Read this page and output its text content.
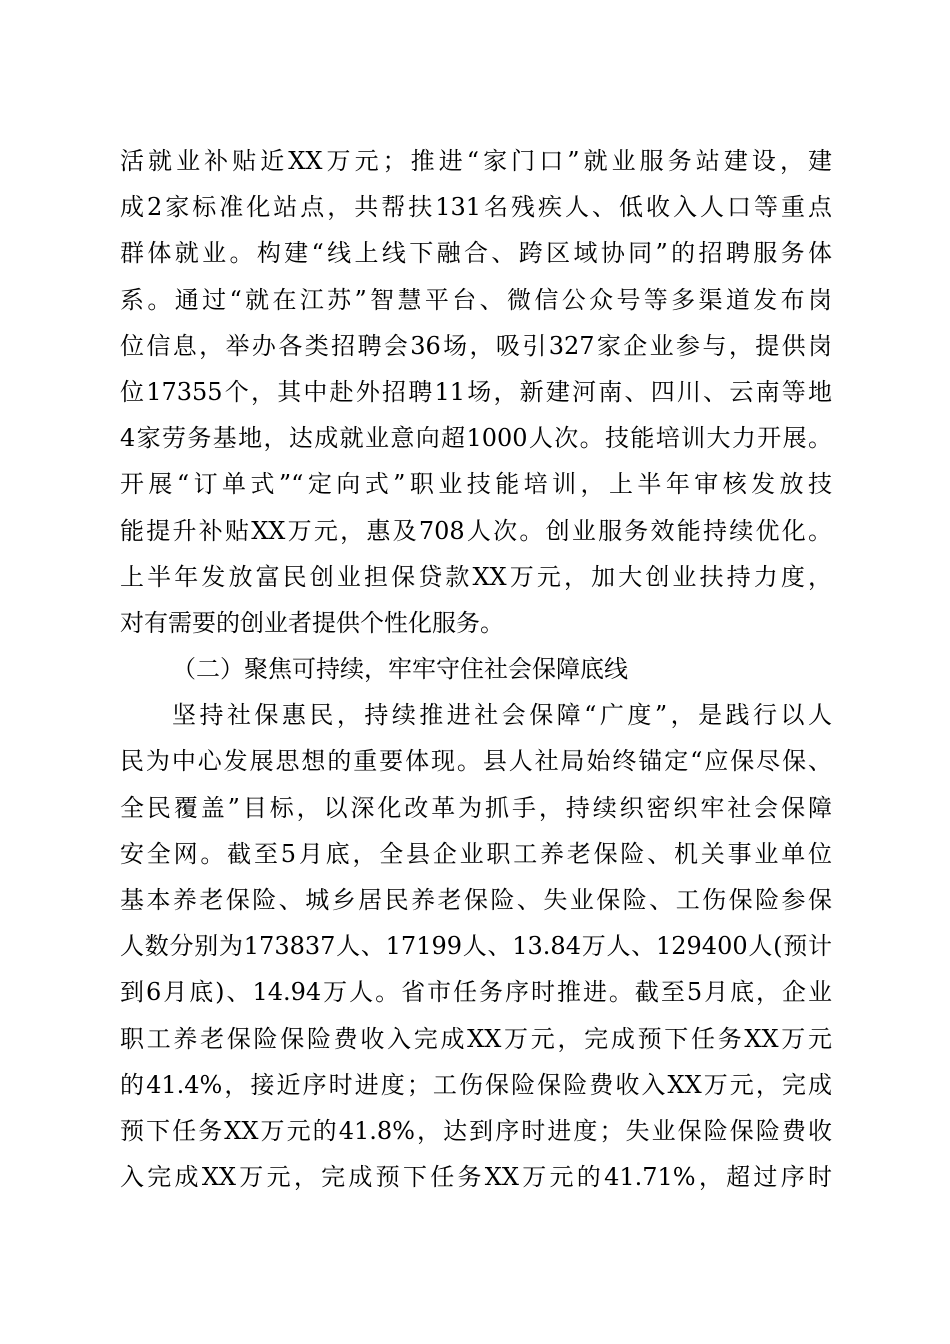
活就业补贴近XX万元；推进“家门口”就业服务站建设，建
成2家标准化站点，共帮扶131名残疾人、低收入人口等重点
群体就业。构建“线上线下融合、跨区域协同”的招聘服务体
系。通过“就在江苏”智慧平台、微信公众号等多渠道发布岗
位信息，举办各类招聘会36场，吸引327家企业参与，提供岗
位17355个，其中赴外招聘11场，新建河南、四川、云南等地
4家劳务基地，达成就业意向超1000人次。技能培训大力开展。
开展“订单式”“定向式”职业技能培训，上半年审核发放技
能提升补贴XX万元，惠及708人次。创业服务效能持续优化。
上半年发放富民创业担保贷款XX万元，加大创业扶持力度，
对有需要的创业者提供个性化服务。
（二）聚焦可持续，牢牢守住社会保障底线
坚持社保惠民，持续推进社会保障“广度”，是践行以人
民为中心发展思想的重要体现。县人社局始终锚定“应保尽保、
全民覆盖”目标，以深化改革为抓手，持续织密织牢社会保障
安全网。截至5月底，全县企业职工养老保险、机关事业单位
基本养老保险、城乡居民养老保险、失业保险、工伤保险参保
人数分别为173837人、17199人、13.84万人、129400人(预计
到6月底)、14.94万人。省市任务序时推进。截至5月底，企业
职工养老保险保险费收入完成XX万元，完成预下任务XX万元
的41.4%，接近序时进度；工伤保险保险费收入XX万元，完成
预下任务XX万元的41.8%，达到序时进度；失业保险保险费收
入完成XX万元，完成预下任务XX万元的41.71%，超过序时
